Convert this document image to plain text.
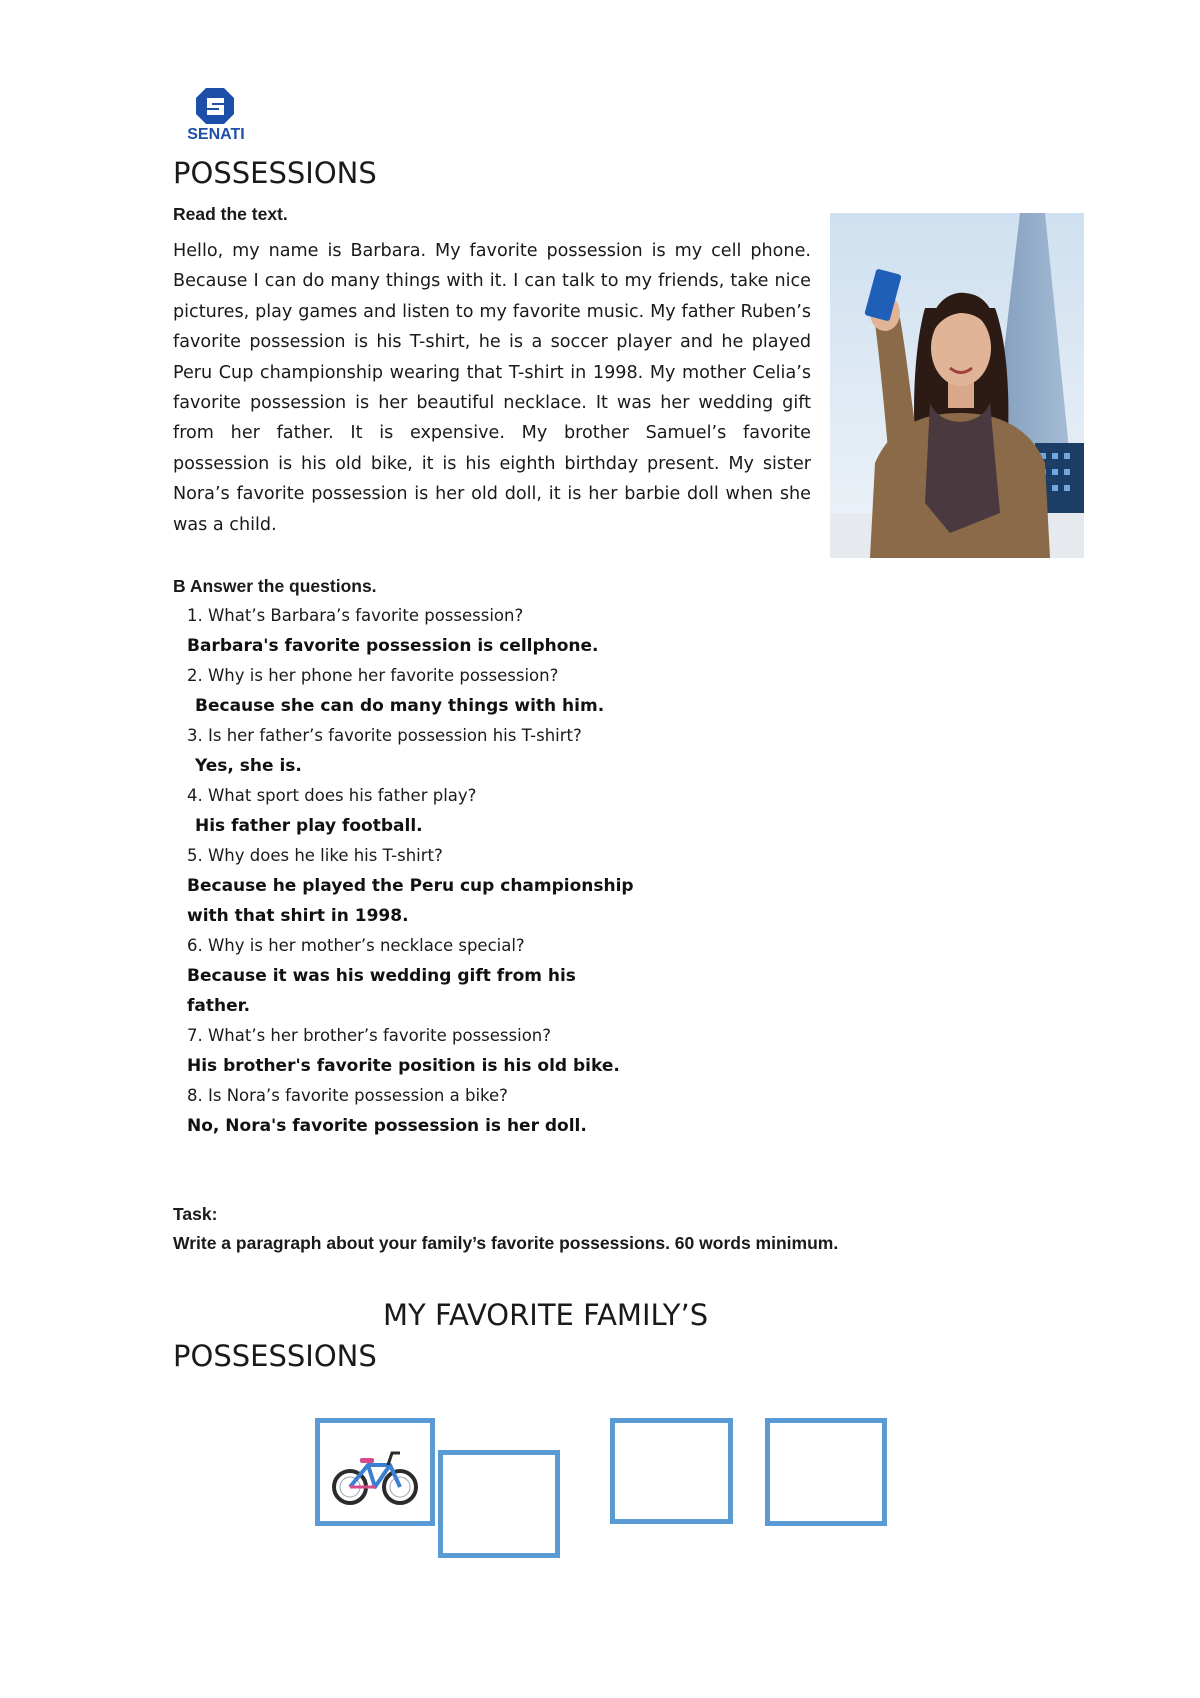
SENATI
POSSESSIONS
Read the text.

Hello, my name is Barbara. My favorite possession is my cell phone. Because I can do many things with it. I can talk to my friends, take nice pictures, play games and listen to my favorite music. My father Ruben’s favorite possession is his T-shirt, he is a soccer player and he played Peru Cup championship wearing that T-shirt in 1998. My mother Celia’s favorite possession is her beautiful necklace. It was her wedding gift from her father. It is expensive. My brother Samuel’s favorite possession is his old bike, it is his eighth birthday present. My sister Nora’s favorite possession is her old doll, it is her barbie doll when she was a child.

B Answer the questions.
1. What’s Barbara’s favorite possession?
Barbara's favorite possession is cellphone.
2. Why is her phone her favorite possession?
Because she can do many things with him.
3. Is her father’s favorite possession his T-shirt?
Yes, she is.
4. What sport does his father play?
His father play football.
5. Why does he like his T-shirt?
Because he played the Peru cup championship with that shirt in 1998.
6. Why is her mother’s necklace special?
Because it was his wedding gift from his father.
7. What’s her brother’s favorite possession?
His brother's favorite position is his old bike.
8. Is Nora’s favorite possession a bike?
No, Nora's favorite possession is her doll.
Task:
Write a paragraph about your family’s favorite possessions. 60 words minimum.
MY FAVORITE FAMILY’S
POSSESSIONS
